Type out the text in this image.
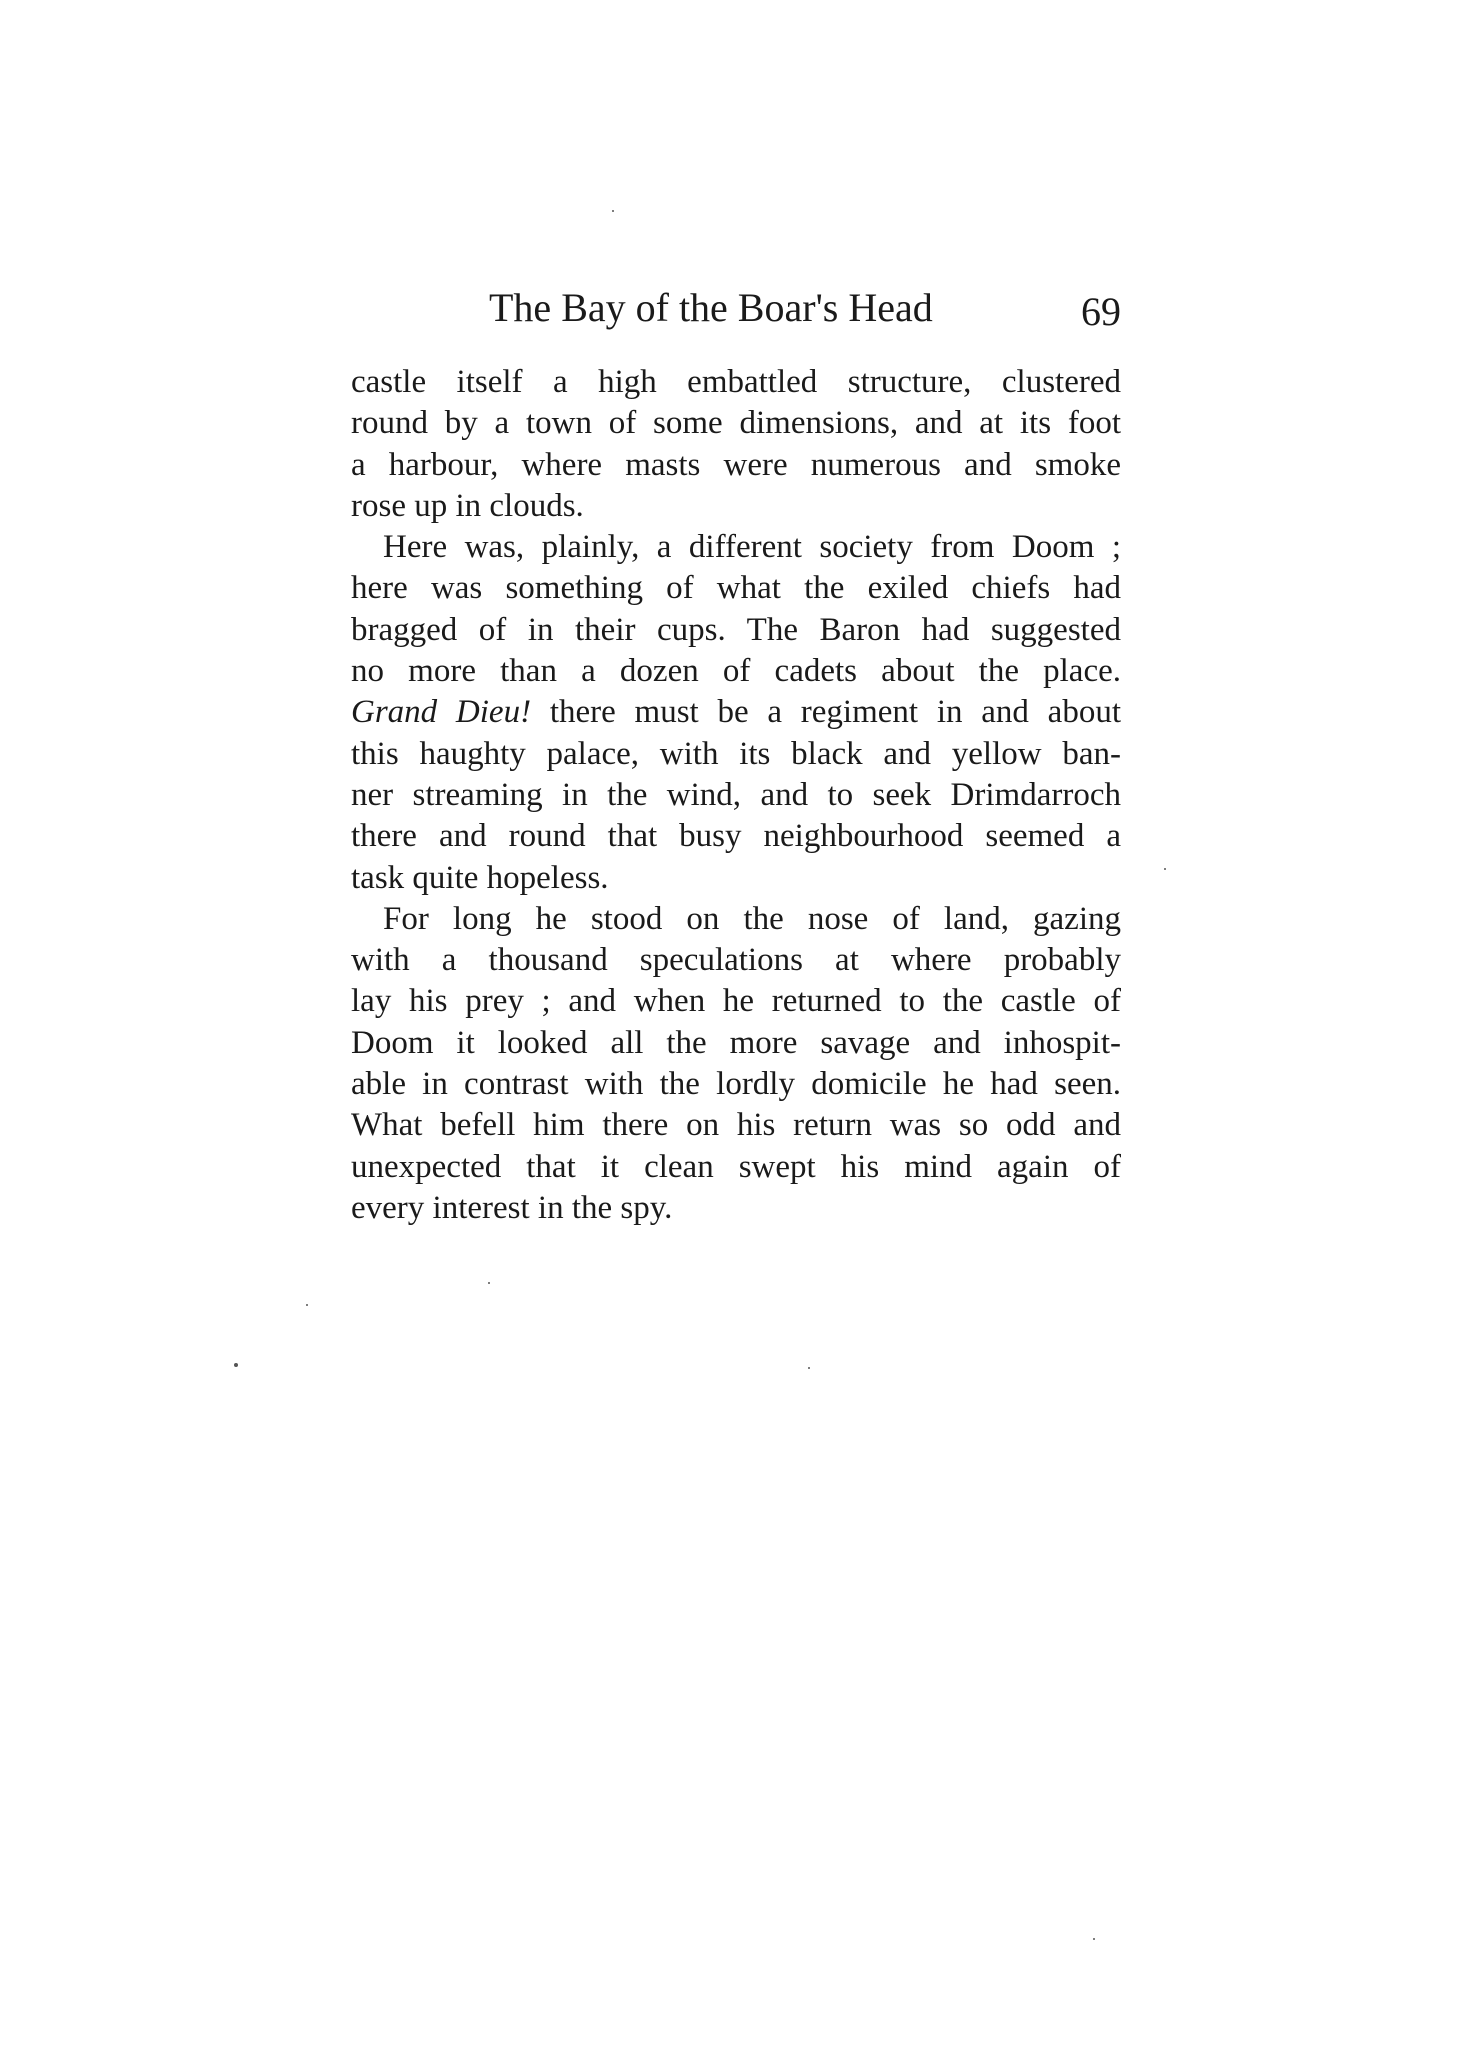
The Bay of the Boar's Head	69
castle itself a high embattled structure, clustered
round by a town of some dimensions, and at its foot
a harbour, where masts were numerous and smoke
rose up in clouds.
Here was, plainly, a different society from Doom ;
here was something of what the exiled chiefs had
bragged of in their cups. The Baron had suggested
no more than a dozen of cadets about the place.
Grand Dieu! there must be a regiment in and about
this haughty palace, with its black and yellow ban-
ner streaming in the wind, and to seek Drimdarroch
there and round that busy neighbourhood seemed a
task quite hopeless.
For long he stood on the nose of land, gazing
with a thousand speculations at where probably
lay his prey ; and when he returned to the castle of
Doom it looked all the more savage and inhospit-
able in contrast with the lordly domicile he had seen.
What befell him there on his return was so odd and
unexpected that it clean swept his mind again of
every interest in the spy.
